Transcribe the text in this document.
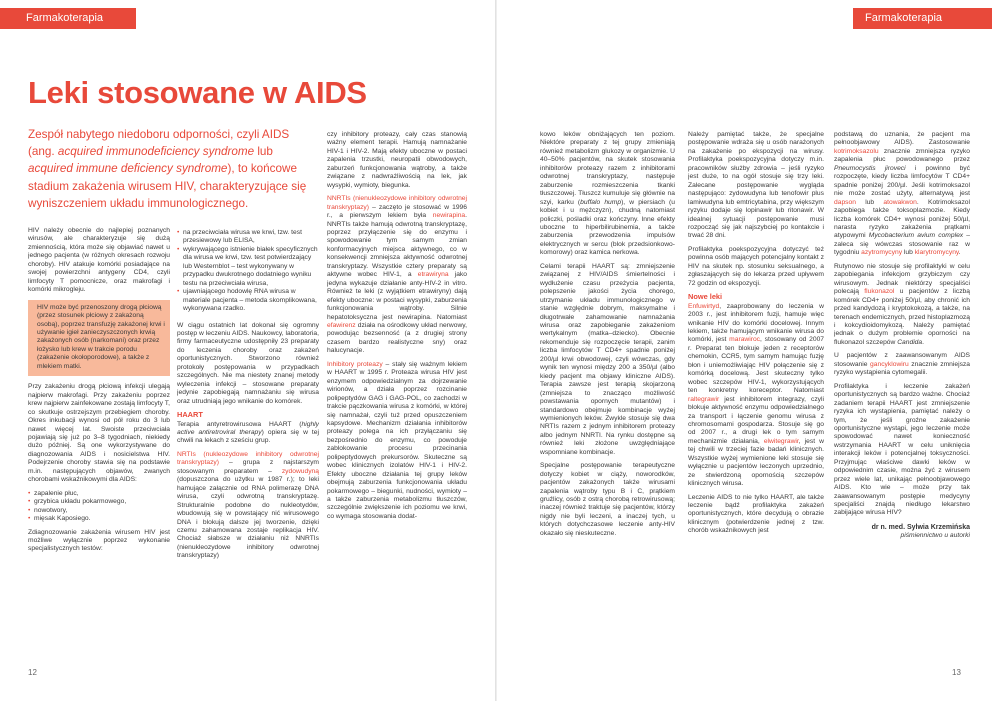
Farmakoterapia	Farmakoterapia
Leki stosowane w AIDS

Zespół nabytego niedoboru odporności, czyli AIDS (ang. acquired immunodeficiency syndrome lub acquired immune deficiency syndrome), to końcowe stadium zakażenia wirusem HIV, charakteryzujące się wyniszczeniem układu immunologicznego.

HIV należy obecnie do najlepiej poznanych wirusów, ale charakteryzuje się dużą zmiennością, która może się objawiać nawet u jednego pacjenta (w różnych okresach rozwoju choroby). HIV atakuje komórki posiadające na swojej powierzchni antygeny CD4, czyli limfocyty T pomocnicze, oraz makrofagi i komórki mikrogleju.

HIV może być przenoszony drogą płciową (przez stosunek płciowy z zakażoną osobą), poprzez transfuzję zakażonej krwi i używanie igieł zanieczyszczonych krwią zakażonych osób (narkomani) oraz przez łożysko lub krew w trakcie porodu (zakażenie okołoporodowe), a także z mlekiem matki.

Przy zakażeniu drogą płciową infekcji ulegają najpierw makrofagi. Przy zakażeniu poprzez krew najpierw zainfekowane zostają limfocyty T, co skutkuje ostrzejszym przebiegiem choroby. Okres inkubacji wynosi od pół roku do 3 lub nawet więcej lat. Swoiste przeciwciała pojawiają się już po 3–8 tygodniach, niekiedy dużo później. Są one wykorzystywane do diagnozowania AIDS i nosicielstwa HIV. Podejrzenie choroby stawia się na podstawie m.in. następujących objawów, zwanych chorobami wskaźnikowymi dla AIDS:

• zapalenie płuc,
• grzybica układu pokarmowego,
• nowotwory,
• mięsak Kaposiego.

Zdiagnozowanie zakażenia wirusem HIV jest możliwe wyłącznie poprzez wykonanie specjalistycznych testów:

• na przeciwciała wirusa we krwi, tzw. test przesiewowy lub ELISA,
• wykrywającego istnienie białek specyficznych dla wirusa we krwi, tzw. test potwierdzający lub Westernblot – test wykonywany w przypadku dwukrotnego dodatniego wyniku testu na przeciwciała wirusa,
• ujawniającego hodowlę RNA wirusa w materiale pacjenta – metoda skomplikowana, wykonywana rzadko.

W ciągu ostatnich lat dokonał się ogromny postęp w leczeniu AIDS. Naukowcy, laboratoria, firmy farmaceutyczne udostępniły 23 preparaty do leczenia choroby oraz zakażeń oportunistycznych. Stworzono również protokoły postępowania w przypadkach szczególnych. Nie ma niestety znanej metody wyleczenia infekcji – stosowane preparaty jedynie zapobiegają namnażaniu się wirusa oraz utrudniają jego wnikanie do komórek.

HAART

Terapia antyretrowirusowa HAART (highly active antiretroviral therapy) opiera się w tej chwili na lekach z sześciu grup.

NRTIs (nukleozydowe inhibitory odwrotnej transkryptazy) – grupa z najstarszym stosowanym preparatem – zydowudyną (dopuszczona do użytku w 1987 r.); to leki hamujące załącznie od RNA polimerazę DNA wirusa, czyli odwrotną transkryptazę. Strukturalnie podobne do nukleotydów, wbudowują się w powstający nić wirusowego DNA i blokują dalsze jej tworzenie, dzięki czemu zahamowana zostaje replikacja HIV. Chociaż słabsze w działaniu niż NNRTIs (nienukleozydowe inhibitory odwrotnej transkryptazy)

czy inhibitory proteazy, cały czas stanowią ważny element terapii. Hamują namnażanie HIV-1 i HIV-2. Mają efekty uboczne w postaci zapalenia trzustki, neuropatii obwodowych, zaburzeń funkcjonowania wątroby, a także związane z nadwrażliwością na lek, jak wysypki, wymioty, biegunka.

NNRTIs (nienukleozydowe inhibitory odwrotnej transkryptazy) – zaczęto je stosować w 1996 r., a pierwszym lekiem była newirapina. NNRTIs także hamują odwrotną transkryptazę, poprzez przyłączenie się do enzymu i spowodowanie tym samym zmian konformacyjnych miejsca aktywnego, co w konsekwencji zmniejsza aktywność odwrotnej transkryptazy. Wszystkie cztery preparaty są aktywne wobec HIV-1, a etrawiryna jako jedyna wykazuje działanie anty-HIV-2 in vitro. Również te leki (z wyjątkiem etrawiryny) dają efekty uboczne: w postaci wysypki, zaburzenia funkcjonowania wątroby. Silnie hepatotoksyczna jest newirapina. Natomiast efawirenz działa na ośrodkowy układ nerwowy, powodując bezsenność (a z drugiej strony czasem bardzo realistyczne sny) oraz halucynacje.

Inhibitory proteazy – stały się ważnym lekiem w HAART w 1995 r. Proteaza wirusa HIV jest enzymem odpowiedzialnym za dojrzewanie wirionów, a działa poprzez rozcinanie polipeptydów GAG i GAG-POL, co zachodzi w trakcie pączkowania wirusa z komórki, w której się namnażał, czyli tuż przed opuszczeniem kapsydowe. Mechanizm działania inhibitorów proteazy polega na ich przyłączaniu się bezpośrednio do enzymu, co powoduje zablokowanie procesu przecinania polipeptydowych prekursorów. Skuteczne są wobec klinicznych izolatów HIV-1 i HIV-2. Efekty uboczne działania tej grupy leków obejmują zaburzenia funkcjonowania układu pokarmowego – biegunki, nudności, wymioty – a także zaburzenia metabolizmu tłuszczów, szczególnie zwiększenie ich poziomu we krwi, co wymaga stosowania dodat-

kowo leków obniżających ten poziom. Niektóre preparaty z tej grupy zmieniają również metabolizm glukozy w organizmie. U 40–50% pacjentów, na skutek stosowania inhibitorów proteazy razem z inhibitorami odwrotnej transkryptazy, następuje zaburzenie rozmieszczenia tkanki tłuszczowej. Tłuszcz kumuluje się głównie na szyi, karku (buffalo hump), w piersiach (u kobiet i u mężczyzn), chudną natomiast policzki, pośladki oraz kończyny. Inne efekty uboczne to hiperbilirubinemia, a także zaburzenia przewodzenia impulsów elektrycznych w sercu (blok przedsionkowo-komorowy) oraz kamica nerkowa.

Celami terapii HAART są: zmniejszenie związanej z HIV/AIDS śmiertelności i wydłużenie czasu przeżycia pacjenta, polepszenie jakości życia chorego, utrzymanie układu immunologicznego w stanie względnie dobrym, maksymalne i długotrwałe zahamowanie namnażania wirusa oraz zapobieganie zakażeniom wertykalnym (matka–dziecko). Obecnie rekomenduje się rozpoczęcie terapii, zanim liczba limfocytów T CD4+ spadnie poniżej 200/µl krwi obwodowej, czyli wówczas, gdy wynik ten wynosi między 200 a 350/µl (albo kiedy pacjent ma objawy kliniczne AIDS). Terapia zawsze jest terapią skojarzoną (zmniejsza to znacząco możliwość powstawania opornych mutantów) i standardowo obejmuje kombinacje wyżej wymienionych leków. Zwykle stosuje się dwa NRTIs razem z jednym inhibitorem proteazy albo jednym NNRTI. Na rynku dostępne są również leki złożone uwzględniające wspomniane kombinacje.

Specjalne postępowanie terapeutyczne dotyczy kobiet w ciąży, noworodków, pacjentów zakażonych także wirusami zapalenia wątroby typu B i C, prątkiem gruźlicy, osób z ostrą chorobą retrowirusową; inaczej również traktuje się pacjentów, którzy nigdy nie byli leczeni, a inaczej tych, u których dotychczasowe leczenie anty-HIV okazało się nieskuteczne.

Należy pamiętać także, że specjalne postępowanie wdraża się u osób narażonych na zakażenie po ekspozycji na wirusy. Profilaktyka poekspozycyjna dotyczy m.in. pracowników służby zdrowia – jeśli ryzyko jest duże, to na ogół stosuje się trzy leki. Zalecane postępowanie wygląda następująco: zydowudyna lub tenofowir plus lamiwudyna lub emtricytabina, przy większym ryzyku dodaje się lopinawir lub ritonawir. W idealnej sytuacji postępowanie musi rozpocząć się jak najszybciej po kontakcie i trwać 28 dni.

Profilaktyka poekspozycyjna dotyczyć też powinna osób mających potencjalny kontakt z HIV na skutek np. stosunku seksualnego, a zgłaszających się do lekarza przed upływem 72 godzin od ekspozycji.

Nowe leki

Enfuwirtyd, zaaprobowany do leczenia w 2003 r., jest inhibitorem fuzji, hamuje więc wnikanie HIV do komórki docelowej. Innym lekiem, także hamującym wnikanie wirusa do komórki, jest marawiroc, stosowany od 2007 r. Preparat ten blokuje jeden z receptorów chemokin, CCR5, tym samym hamując fuzję błon i uniemożliwiając HIV połączenie się z komórką docelową. Jest skuteczny tylko wobec szczepów HIV-1, wykorzystujących ten konkretny koreceptor. Natomiast raltegrawir jest inhibitorem integrazy, czyli blokuje aktywność enzymu odpowiedzialnego za transport i łączenie genomu wirusa z chromosomami gospodarza. Stosuje się go od 2007 r., a drugi lek o tym samym mechanizmie działania, elwitegrawir, jest w tej chwili w trzeciej fazie badań klinicznych. Wszystkie wyżej wymienione leki stosuje się wyłącznie u pacjentów leczonych uprzednio, ze stwierdzoną opornością szczepów klinicznych wirusa.

Leczenie AIDS to nie tylko HAART, ale także leczenie bądź profilaktyka zakażeń oportunistycznych, które decydują o obrazie klinicznym (potwierdzenie jednej z tzw. chorób wskaźnikowych jest

podstawą do uznania, że pacjent ma pełnoobjawowy AIDS). Zastosowanie kotrimoksazolu znacznie zmniejsza ryzyko zapalenia płuc powodowanego przez Pneumocystis jiroveci i powinno być rozpoczęte, kiedy liczba limfocytów T CD4+ spadnie poniżej 200/µl. Jeśli kotrimoksazol nie może zostać użyty, alternatywą jest dapson lub atowakwon. Kotrimoksazol zapobiega także toksoplazmozie. Kiedy liczba komórek CD4+ wynosi poniżej 50/µl, narasta ryzyko zakażenia prątkami atypowymi Mycobacterium avium complex – zaleca się wówczas stosowanie raz w tygodniu azytromycyny lub klarytromycyny.

Rutynowo nie stosuje się profilaktyki w celu zapobiegania infekcjom grzybiczym czy wirusowym. Jednak niektórzy specjaliści polecają flukonazol u pacjentów z liczbą komórek CD4+ poniżej 50/µl, aby chronić ich przed kandydozą i kryptokokozą, a także, na terenach endemicznych, przed histoplazmozą i kokcydioidomykozą. Należy pamiętać jednak o dużym problemie oporności na flukonazol szczepów Candida.

U pacjentów z zaawansowanym AIDS stosowanie gancyklowiru znacznie zmniejsza ryzyko wystąpienia cytomegalii.

Profilaktyka i leczenie zakażeń oportunistycznych są bardzo ważne. Chociaż zadaniem terapii HAART jest zmniejszenie ryzyka ich wystąpienia, pamiętać należy o tym, że jeśli groźne zakażenie oportunistyczne wystąpi, jego leczenie może spowodować nawet konieczność wstrzymania HAART w celu uniknięcia interakcji leków i potencjalnej toksyczności. Przyjmując właściwe dawki leków w odpowiednim czasie, można żyć z wirusem przez wiele lat, unikając pełnoobjawowego AIDS. Kto wie – może przy tak zaawansowanym postępie medycyny specjaliści znajdą niedługo lekarstwo zabijające wirusa HIV?

dr n. med. Sylwia Krzemińska
piśmiennictwo u autorki
12	13
